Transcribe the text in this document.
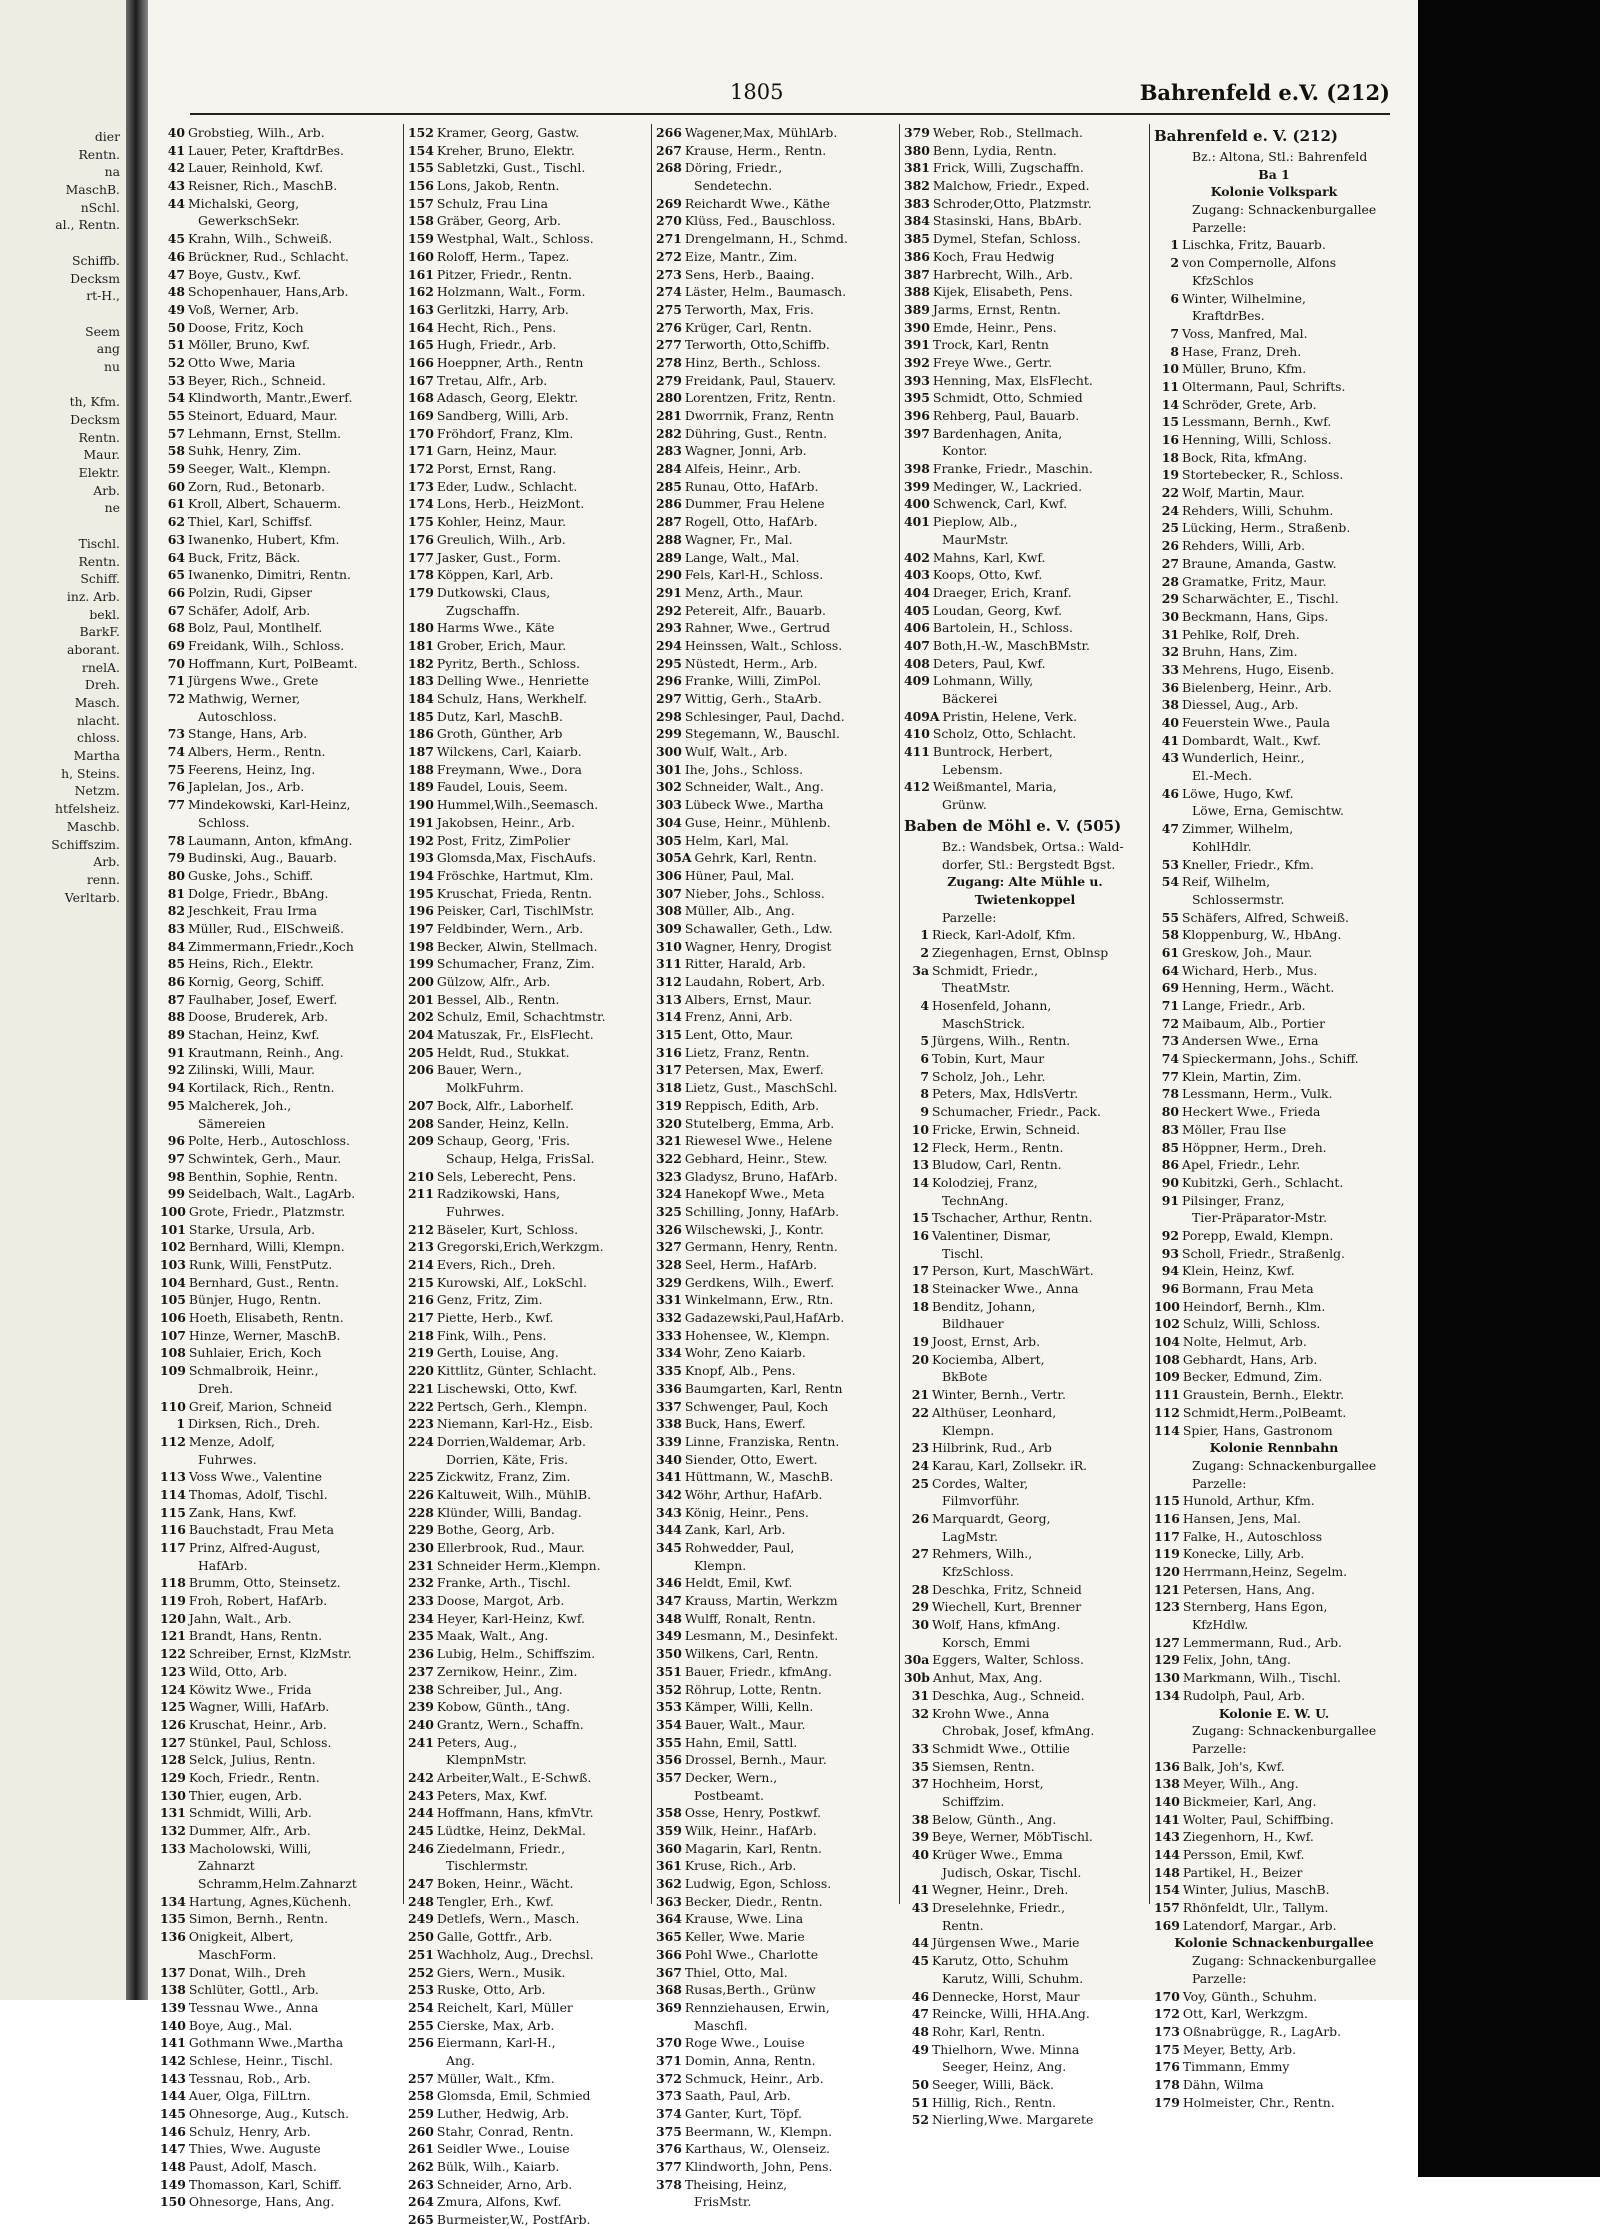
dier
Rentn.
na
MaschB.
nSchl.
al., Rentn.
Schiffb.
Decksm
rt-H.,
Seem
ang
nu
th, Kfm.
Decksm
Rentn.
Maur.
Elektr.
Arb.
ne
Tischl.
Rentn.
Schiff.
inz. Arb.
bekl.
BarkF.
aborant.
rnelA.
Dreh.
Masch.
nlacht.
chloss.
Martha
h, Steins.
Netzm.
htfelsheiz.
Maschb.
Schiffszim.
Arb.
renn.
Verltarb.
1805	Bahrenfeld e.V. (212)
40 Grobstieg, Wilh., Arb.
41 Lauer, Peter, KraftdrBes.
42 Lauer, Reinhold, Kwf.
43 Reisner, Rich., MaschB.
44 Michalski, Georg,
GewerkschSekr.
45 Krahn, Wilh., Schweiß.
46 Brückner, Rud., Schlacht.
47 Boye, Gustv., Kwf.
48 Schopenhauer, Hans,Arb.
49 Voß, Werner, Arb.
50 Doose, Fritz, Koch
51 Möller, Bruno, Kwf.
52 Otto Wwe, Maria
53 Beyer, Rich., Schneid.
54 Klindworth, Mantr.,Ewerf.
55 Steinort, Eduard, Maur.
57 Lehmann, Ernst, Stellm.
58 Suhk, Henry, Zim.
59 Seeger, Walt., Klempn.
60 Zorn, Rud., Betonarb.
61 Kroll, Albert, Schauerm.
62 Thiel, Karl, Schiffsf.
63 Iwanenko, Hubert, Kfm.
64 Buck, Fritz, Bäck.
65 Iwanenko, Dimitri, Rentn.
66 Polzin, Rudi, Gipser
67 Schäfer, Adolf, Arb.
68 Bolz, Paul, Montlhelf.
69 Freidank, Wilh., Schloss.
70 Hoffmann, Kurt, PolBeamt.
71 Jürgens Wwe., Grete
72 Mathwig, Werner,
Autoschloss.
73 Stange, Hans, Arb.
74 Albers, Herm., Rentn.
75 Feerens, Heinz, Ing.
76 Japlelan, Jos., Arb.
77 Mindekowski, Karl-Heinz,
Schloss.
78 Laumann, Anton, kfmAng.
79 Budinski, Aug., Bauarb.
80 Guske, Johs., Schiff.
81 Dolge, Friedr., BbAng.
82 Jeschkeit, Frau Irma
83 Müller, Rud., ElSchweiß.
84 Zimmermann,Friedr.,Koch
85 Heins, Rich., Elektr.
86 Kornig, Georg, Schiff.
87 Faulhaber, Josef, Ewerf.
88 Doose, Bruderek, Arb.
89 Stachan, Heinz, Kwf.
91 Krautmann, Reinh., Ang.
92 Zilinski, Willi, Maur.
94 Kortilack, Rich., Rentn.
95 Malcherek, Joh.,
Sämereien
96 Polte, Herb., Autoschloss.
97 Schwintek, Gerh., Maur.
98 Benthin, Sophie, Rentn.
99 Seidelbach, Walt., LagArb.
100 Grote, Friedr., Platzmstr.
101 Starke, Ursula, Arb.
102 Bernhard, Willi, Klempn.
103 Runk, Willi, FenstPutz.
104 Bernhard, Gust., Rentn.
105 Bünjer, Hugo, Rentn.
106 Hoeth, Elisabeth, Rentn.
107 Hinze, Werner, MaschB.
108 Suhlaier, Erich, Koch
109 Schmalbroik, Heinr.,
Dreh.
110 Greif, Marion, Schneid
1 Dirksen, Rich., Dreh.
112 Menze, Adolf,
Fuhrwes.
113 Voss Wwe., Valentine
114 Thomas, Adolf, Tischl.
115 Zank, Hans, Kwf.
116 Bauchstadt, Frau Meta
117 Prinz, Alfred-August,
HafArb.
118 Brumm, Otto, Steinsetz.
119 Froh, Robert, HafArb.
120 Jahn, Walt., Arb.
121 Brandt, Hans, Rentn.
122 Schreiber, Ernst, KlzMstr.
123 Wild, Otto, Arb.
124 Köwitz Wwe., Frida
125 Wagner, Willi, HafArb.
126 Kruschat, Heinr., Arb.
127 Stünkel, Paul, Schloss.
128 Selck, Julius, Rentn.
129 Koch, Friedr., Rentn.
130 Thier, eugen, Arb.
131 Schmidt, Willi, Arb.
132 Dummer, Alfr., Arb.
133 Macholowski, Willi,
Zahnarzt
Schramm,Helm.Zahnarzt
134 Hartung, Agnes,Küchenh.
135 Simon, Bernh., Rentn.
136 Onigkeit, Albert,
MaschForm.
137 Donat, Wilh., Dreh
138 Schlüter, Gottl., Arb.
139 Tessnau Wwe., Anna
140 Boye, Aug., Mal.
141 Gothmann Wwe.,Martha
142 Schlese, Heinr., Tischl.
143 Tessnau, Rob., Arb.
144 Auer, Olga, FilLtrn.
145 Ohnesorge, Aug., Kutsch.
146 Schulz, Henry, Arb.
147 Thies, Wwe. Auguste
148 Paust, Adolf, Masch.
149 Thomasson, Karl, Schiff.
150 Ohnesorge, Hans, Ang.
152 Kramer, Georg, Gastw.
154 Kreher, Bruno, Elektr.
155 Sabletzki, Gust., Tischl.
156 Lons, Jakob, Rentn.
157 Schulz, Frau Lina
158 Gräber, Georg, Arb.
159 Westphal, Walt., Schloss.
160 Roloff, Herm., Tapez.
161 Pitzer, Friedr., Rentn.
162 Holzmann, Walt., Form.
163 Gerlitzki, Harry, Arb.
164 Hecht, Rich., Pens.
165 Hugh, Friedr., Arb.
166 Hoeppner, Arth., Rentn
167 Tretau, Alfr., Arb.
168 Adasch, Georg, Elektr.
169 Sandberg, Willi, Arb.
170 Fröhdorf, Franz, Klm.
171 Garn, Heinz, Maur.
172 Porst, Ernst, Rang.
173 Eder, Ludw., Schlacht.
174 Lons, Herb., HeizMont.
175 Kohler, Heinz, Maur.
176 Greulich, Wilh., Arb.
177 Jasker, Gust., Form.
178 Köppen, Karl, Arb.
179 Dutkowski, Claus,
Zugschaffn.
180 Harms Wwe., Käte
181 Grober, Erich, Maur.
182 Pyritz, Berth., Schloss.
183 Delling Wwe., Henriette
184 Schulz, Hans, Werkhelf.
185 Dutz, Karl, MaschB.
186 Groth, Günther, Arb
187 Wilckens, Carl, Kaiarb.
188 Freymann, Wwe., Dora
189 Faudel, Louis, Seem.
190 Hummel,Wilh.,Seemasch.
191 Jakobsen, Heinr., Arb.
192 Post, Fritz, ZimPolier
193 Glomsda,Max, FischAufs.
194 Fröschke, Hartmut, Klm.
195 Kruschat, Frieda, Rentn.
196 Peisker, Carl, TischlMstr.
197 Feldbinder, Wern., Arb.
198 Becker, Alwin, Stellmach.
199 Schumacher, Franz, Zim.
200 Gülzow, Alfr., Arb.
201 Bessel, Alb., Rentn.
202 Schulz, Emil, Schachtmstr.
204 Matuszak, Fr., ElsFlecht.
205 Heldt, Rud., Stukkat.
206 Bauer, Wern.,
MolkFuhrm.
207 Bock, Alfr., Laborhelf.
208 Sander, Heinz, Kelln.
209 Schaup, Georg, 'Fris.
Schaup, Helga, FrisSal.
210 Sels, Leberecht, Pens.
211 Radzikowski, Hans,
Fuhrwes.
212 Bäseler, Kurt, Schloss.
213 Gregorski,Erich,Werkzgm.
214 Evers, Rich., Dreh.
215 Kurowski, Alf., LokSchl.
216 Genz, Fritz, Zim.
217 Piette, Herb., Kwf.
218 Fink, Wilh., Pens.
219 Gerth, Louise, Ang.
220 Kittlitz, Günter, Schlacht.
221 Lischewski, Otto, Kwf.
222 Pertsch, Gerh., Klempn.
223 Niemann, Karl-Hz., Eisb.
224 Dorrien,Waldemar, Arb.
Dorrien, Käte, Fris.
225 Zickwitz, Franz, Zim.
226 Kaltuweit, Wilh., MühlB.
228 Klünder, Willi, Bandag.
229 Bothe, Georg, Arb.
230 Ellerbrook, Rud., Maur.
231 Schneider Herm.,Klempn.
232 Franke, Arth., Tischl.
233 Doose, Margot, Arb.
234 Heyer, Karl-Heinz, Kwf.
235 Maak, Walt., Ang.
236 Lubig, Helm., Schiffszim.
237 Zernikow, Heinr., Zim.
238 Schreiber, Jul., Ang.
239 Kobow, Günth., tAng.
240 Grantz, Wern., Schaffn.
241 Peters, Aug.,
KlempnMstr.
242 Arbeiter,Walt., E-Schwß.
243 Peters, Max, Kwf.
244 Hoffmann, Hans, kfmVtr.
245 Lüdtke, Heinz, DekMal.
246 Ziedelmann, Friedr.,
Tischlermstr.
247 Boken, Heinr., Wächt.
248 Tengler, Erh., Kwf.
249 Detlefs, Wern., Masch.
250 Galle, Gottfr., Arb.
251 Wachholz, Aug., Drechsl.
252 Giers, Wern., Musik.
253 Ruske, Otto, Arb.
254 Reichelt, Karl, Müller
255 Cierske, Max, Arb.
256 Eiermann, Karl-H.,
Ang.
257 Müller, Walt., Kfm.
258 Glomsda, Emil, Schmied
259 Luther, Hedwig, Arb.
260 Stahr, Conrad, Rentn.
261 Seidler Wwe., Louise
262 Bülk, Wilh., Kaiarb.
263 Schneider, Arno, Arb.
264 Zmura, Alfons, Kwf.
265 Burmeister,W., PostfArb.
266 Wagener,Max, MühlArb.
267 Krause, Herm., Rentn.
268 Döring, Friedr.,
Sendetechn.
269 Reichardt Wwe., Käthe
270 Klüss, Fed., Bauschloss.
271 Drengelmann, H., Schmd.
272 Eize, Mantr., Zim.
273 Sens, Herb., Baaing.
274 Läster, Helm., Baumasch.
275 Terworth, Max, Fris.
276 Krüger, Carl, Rentn.
277 Terworth, Otto,Schiffb.
278 Hinz, Berth., Schloss.
279 Freidank, Paul, Stauerv.
280 Lorentzen, Fritz, Rentn.
281 Dworrnik, Franz, Rentn
282 Dühring, Gust., Rentn.
283 Wagner, Jonni, Arb.
284 Alfeis, Heinr., Arb.
285 Runau, Otto, HafArb.
286 Dummer, Frau Helene
287 Rogell, Otto, HafArb.
288 Wagner, Fr., Mal.
289 Lange, Walt., Mal.
290 Fels, Karl-H., Schloss.
291 Menz, Arth., Maur.
292 Petereit, Alfr., Bauarb.
293 Rahner, Wwe., Gertrud
294 Heinssen, Walt., Schloss.
295 Nüstedt, Herm., Arb.
296 Franke, Willi, ZimPol.
297 Wittig, Gerh., StaArb.
298 Schlesinger, Paul, Dachd.
299 Stegemann, W., Bauschl.
300 Wulf, Walt., Arb.
301 Ihe, Johs., Schloss.
302 Schneider, Walt., Ang.
303 Lübeck Wwe., Martha
304 Guse, Heinr., Mühlenb.
305 Helm, Karl, Mal.
305A Gehrk, Karl, Rentn.
306 Hüner, Paul, Mal.
307 Nieber, Johs., Schloss.
308 Müller, Alb., Ang.
309 Schawaller, Geth., Ldw.
310 Wagner, Henry, Drogist
311 Ritter, Harald, Arb.
312 Laudahn, Robert, Arb.
313 Albers, Ernst, Maur.
314 Frenz, Anni, Arb.
315 Lent, Otto, Maur.
316 Lietz, Franz, Rentn.
317 Petersen, Max, Ewerf.
318 Lietz, Gust., MaschSchl.
319 Reppisch, Edith, Arb.
320 Stutelberg, Emma, Arb.
321 Riewesel Wwe., Helene
322 Gebhard, Heinr., Stew.
323 Gladysz, Bruno, HafArb.
324 Hanekopf Wwe., Meta
325 Schilling, Jonny, HafArb.
326 Wilschewski, J., Kontr.
327 Germann, Henry, Rentn.
328 Seel, Herm., HafArb.
329 Gerdkens, Wilh., Ewerf.
331 Winkelmann, Erw., Rtn.
332 Gadazewski,Paul,HafArb.
333 Hohensee, W., Klempn.
334 Wohr, Zeno Kaiarb.
335 Knopf, Alb., Pens.
336 Baumgarten, Karl, Rentn
337 Schwenger, Paul, Koch
338 Buck, Hans, Ewerf.
339 Linne, Franziska, Rentn.
340 Siender, Otto, Ewert.
341 Hüttmann, W., MaschB.
342 Wöhr, Arthur, HafArb.
343 König, Heinr., Pens.
344 Zank, Karl, Arb.
345 Rohwedder, Paul,
Klempn.
346 Heldt, Emil, Kwf.
347 Krauss, Martin, Werkzm
348 Wulff, Ronalt, Rentn.
349 Lesmann, M., Desinfekt.
350 Wilkens, Carl, Rentn.
351 Bauer, Friedr., kfmAng.
352 Röhrup, Lotte, Rentn.
353 Kämper, Willi, Kelln.
354 Bauer, Walt., Maur.
355 Hahn, Emil, Sattl.
356 Drossel, Bernh., Maur.
357 Decker, Wern.,
Postbeamt.
358 Osse, Henry, Postkwf.
359 Wilk, Heinr., HafArb.
360 Magarin, Karl, Rentn.
361 Kruse, Rich., Arb.
362 Ludwig, Egon, Schloss.
363 Becker, Diedr., Rentn.
364 Krause, Wwe. Lina
365 Keller, Wwe. Marie
366 Pohl Wwe., Charlotte
367 Thiel, Otto, Mal.
368 Rusas,Berth., Grünw
369 Rennziehausen, Erwin,
Maschfl.
370 Roge Wwe., Louise
371 Domin, Anna, Rentn.
372 Schmuck, Heinr., Arb.
373 Saath, Paul, Arb.
374 Ganter, Kurt, Töpf.
375 Beermann, W., Klempn.
376 Karthaus, W., Olenseiz.
377 Klindworth, John, Pens.
378 Theising, Heinz,
FrisMstr.
379 Weber, Rob., Stellmach.
380 Benn, Lydia, Rentn.
381 Frick, Willi, Zugschaffn.
382 Malchow, Friedr., Exped.
383 Schroder,Otto, Platzmstr.
384 Stasinski, Hans, BbArb.
385 Dymel, Stefan, Schloss.
386 Koch, Frau Hedwig
387 Harbrecht, Wilh., Arb.
388 Kijek, Elisabeth, Pens.
389 Jarms, Ernst, Rentn.
390 Emde, Heinr., Pens.
391 Trock, Karl, Rentn
392 Freye Wwe., Gertr.
393 Henning, Max, ElsFlecht.
395 Schmidt, Otto, Schmied
396 Rehberg, Paul, Bauarb.
397 Bardenhagen, Anita,
Kontor.
398 Franke, Friedr., Maschin.
399 Medinger, W., Lackried.
400 Schwenck, Carl, Kwf.
401 Pieplow, Alb.,
MaurMstr.
402 Mahns, Karl, Kwf.
403 Koops, Otto, Kwf.
404 Draeger, Erich, Kranf.
405 Loudan, Georg, Kwf.
406 Bartolein, H., Schloss.
407 Both,H.-W., MaschBMstr.
408 Deters, Paul, Kwf.
409 Lohmann, Willy,
Bäckerei
409A Pristin, Helene, Verk.
410 Scholz, Otto, Schlacht.
411 Buntrock, Herbert,
Lebensm.
412 Weißmantel, Maria,
Grünw.
Baben de Möhl e. V. (505)
Bz.: Wandsbek, Ortsa.: Wald-
dorfer, Stl.: Bergstedt Bgst.
Zugang: Alte Mühle u.
Twietenkoppel
Parzelle:
1 Rieck, Karl-Adolf, Kfm.
2 Ziegenhagen, Ernst, Oblnsp
3a Schmidt, Friedr.,
TheatMstr.
4 Hosenfeld, Johann,
MaschStrick.
5 Jürgens, Wilh., Rentn.
6 Tobin, Kurt, Maur
7 Scholz, Joh., Lehr.
8 Peters, Max, HdlsVertr.
9 Schumacher, Friedr., Pack.
10 Fricke, Erwin, Schneid.
12 Fleck, Herm., Rentn.
13 Bludow, Carl, Rentn.
14 Kolodziej, Franz,
TechnAng.
15 Tschacher, Arthur, Rentn.
16 Valentiner, Dismar,
Tischl.
17 Person, Kurt, MaschWärt.
18 Steinacker Wwe., Anna
18 Benditz, Johann,
Bildhauer
19 Joost, Ernst, Arb.
20 Kociemba, Albert,
BkBote
21 Winter, Bernh., Vertr.
22 Althüser, Leonhard,
Klempn.
23 Hilbrink, Rud., Arb
24 Karau, Karl, Zollsekr. iR.
25 Cordes, Walter,
Filmvorführ.
26 Marquardt, Georg,
LagMstr.
27 Rehmers, Wilh.,
KfzSchloss.
28 Deschka, Fritz, Schneid
29 Wiechell, Kurt, Brenner
30 Wolf, Hans, kfmAng.
Korsch, Emmi
30a Eggers, Walter, Schloss.
30b Anhut, Max, Ang.
31 Deschka, Aug., Schneid.
32 Krohn Wwe., Anna
Chrobak, Josef, kfmAng.
33 Schmidt Wwe., Ottilie
35 Siemsen, Rentn.
37 Hochheim, Horst,
Schiffzim.
38 Below, Günth., Ang.
39 Beye, Werner, MöbTischl.
40 Krüger Wwe., Emma
Judisch, Oskar, Tischl.
41 Wegner, Heinr., Dreh.
43 Dreselehnke, Friedr.,
Rentn.
44 Jürgensen Wwe., Marie
45 Karutz, Otto, Schuhm
Karutz, Willi, Schuhm.
46 Dennecke, Horst, Maur
47 Reincke, Willi, HHA.Ang.
48 Rohr, Karl, Rentn.
49 Thielhorn, Wwe. Minna
Seeger, Heinz, Ang.
50 Seeger, Willi, Bäck.
51 Hillig, Rich., Rentn.
52 Nierling,Wwe. Margarete
Bahrenfeld e. V. (212)
Bz.: Altona, Stl.: Bahrenfeld
Ba 1
Kolonie Volkspark
Zugang: Schnackenburgallee
Parzelle:
1 Lischka, Fritz, Bauarb.
2 von Compernolle, Alfons
KfzSchlos
6 Winter, Wilhelmine,
KraftdrBes.
7 Voss, Manfred, Mal.
8 Hase, Franz, Dreh.
10 Müller, Bruno, Kfm.
11 Oltermann, Paul, Schrifts.
14 Schröder, Grete, Arb.
15 Lessmann, Bernh., Kwf.
16 Henning, Willi, Schloss.
18 Bock, Rita, kfmAng.
19 Stortebecker, R., Schloss.
22 Wolf, Martin, Maur.
24 Rehders, Willi, Schuhm.
25 Lücking, Herm., Straßenb.
26 Rehders, Willi, Arb.
27 Braune, Amanda, Gastw.
28 Gramatke, Fritz, Maur.
29 Scharwächter, E., Tischl.
30 Beckmann, Hans, Gips.
31 Pehlke, Rolf, Dreh.
32 Bruhn, Hans, Zim.
33 Mehrens, Hugo, Eisenb.
36 Bielenberg, Heinr., Arb.
38 Diessel, Aug., Arb.
40 Feuerstein Wwe., Paula
41 Dombardt, Walt., Kwf.
43 Wunderlich, Heinr.,
El.-Mech.
46 Löwe, Hugo, Kwf.
Löwe, Erna, Gemischtw.
47 Zimmer, Wilhelm,
KohlHdlr.
53 Kneller, Friedr., Kfm.
54 Reif, Wilhelm,
Schlossermstr.
55 Schäfers, Alfred, Schweiß.
58 Kloppenburg, W., HbAng.
61 Greskow, Joh., Maur.
64 Wichard, Herb., Mus.
69 Henning, Herm., Wächt.
71 Lange, Friedr., Arb.
72 Maibaum, Alb., Portier
73 Andersen Wwe., Erna
74 Spieckermann, Johs., Schiff.
77 Klein, Martin, Zim.
78 Lessmann, Herm., Vulk.
80 Heckert Wwe., Frieda
83 Möller, Frau Ilse
85 Höppner, Herm., Dreh.
86 Apel, Friedr., Lehr.
90 Kubitzki, Gerh., Schlacht.
91 Pilsinger, Franz,
Tier-Präparator-Mstr.
92 Porepp, Ewald, Klempn.
93 Scholl, Friedr., Straßenlg.
94 Klein, Heinz, Kwf.
96 Bormann, Frau Meta
100 Heindorf, Bernh., Klm.
102 Schulz, Willi, Schloss.
104 Nolte, Helmut, Arb.
108 Gebhardt, Hans, Arb.
109 Becker, Edmund, Zim.
111 Graustein, Bernh., Elektr.
112 Schmidt,Herm.,PolBeamt.
114 Spier, Hans, Gastronom
Kolonie Rennbahn
Zugang: Schnackenburgallee
Parzelle:
115 Hunold, Arthur, Kfm.
116 Hansen, Jens, Mal.
117 Falke, H., Autoschloss
119 Konecke, Lilly, Arb.
120 Herrmann,Heinz, Segelm.
121 Petersen, Hans, Ang.
123 Sternberg, Hans Egon,
KfzHdlw.
127 Lemmermann, Rud., Arb.
129 Felix, John, tAng.
130 Markmann, Wilh., Tischl.
134 Rudolph, Paul, Arb.
Kolonie E. W. U.
Zugang: Schnackenburgallee
Parzelle:
136 Balk, Joh's, Kwf.
138 Meyer, Wilh., Ang.
140 Bickmeier, Karl, Ang.
141 Wolter, Paul, Schiffbing.
143 Ziegenhorn, H., Kwf.
144 Persson, Emil, Kwf.
148 Partikel, H., Beizer
154 Winter, Julius, MaschB.
157 Rhönfeldt, Ulr., Tallym.
169 Latendorf, Margar., Arb.
Kolonie Schnackenburgallee
Zugang: Schnackenburgallee
Parzelle:
170 Voy, Günth., Schuhm.
172 Ott, Karl, Werkzgm.
173 Oßnabrügge, R., LagArb.
175 Meyer, Betty, Arb.
176 Timmann, Emmy
178 Dähn, Wilma
179 Holmeister, Chr., Rentn.
